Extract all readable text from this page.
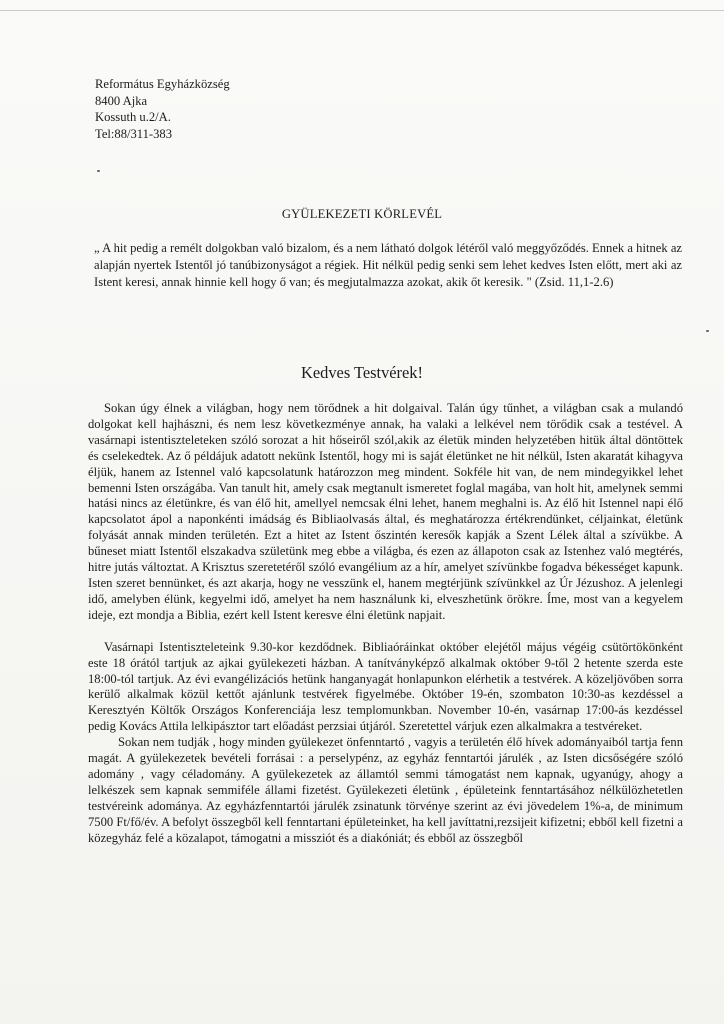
Református Egyházközség
8400 Ajka
Kossuth u.2/A.
Tel:88/311-383
GYÜLEKEZETI KÖRLEVÉL
„ A hit pedig a remélt dolgokban való bizalom, és a nem látható dolgok létéről való meggyőződés. Ennek a hitnek az alapján nyertek Istentől jó tanúbizonyságot a régiek. Hit nélkül pedig senki sem lehet kedves Isten előtt, mert aki az Istent keresi, annak hinnie kell hogy ő van; és megjutalmazza azokat, akik őt keresik. " (Zsid. 11,1-2.6)
Kedves Testvérek!

Sokan úgy élnek a világban, hogy nem törődnek a hit dolgaival. Talán úgy tűnhet, a világban csak a mulandó dolgokat kell hajhászni, és nem lesz következménye annak, ha valaki a lelkével nem törődik csak a testével. A vasárnapi istentiszteleteken szóló sorozat a hit hőseiről szól,akik az életük minden helyzetében hitük által döntöttek és cselekedtek. Az ő példájuk adatott nekünk Istentől, hogy mi is saját életünket ne hit nélkül, Isten akaratát kihagyva éljük, hanem az Istennel való kapcsolatunk határozzon meg mindent. Sokféle hit van, de nem mindegyikkel lehet bemenni Isten országába. Van tanult hit, amely csak megtanult ismeretet foglal magába, van holt hit, amelynek semmi hatási nincs az életünkre, és van élő hit, amellyel nemcsak élni lehet, hanem meghalni is. Az élő hit Istennel napi élő kapcsolatot ápol a naponkénti imádság és Bibliaolvasás által, és meghatározza értékrendünket, céljainkat, életünk folyását annak minden területén. Ezt a hitet az Istent őszintén keresők kapják a Szent Lélek által a szívükbe. A bűneset miatt Istentől elszakadva születünk meg ebbe a világba, és ezen az állapoton csak az Istenhez való megtérés, hitre jutás változtat. A Krisztus szeretetéről szóló evangélium az a hír, amelyet szívünkbe fogadva békességet kapunk. Isten szeret bennünket, és azt akarja, hogy ne vesszünk el, hanem megtérjünk szívünkkel az Úr Jézushoz. A jelenlegi idő, amelyben élünk, kegyelmi idő, amelyet ha nem használunk ki, elveszhetünk örökre. Íme, most van a kegyelem ideje, ezt mondja a Biblia, ezért kell Istent keresve élni életünk napjait.

Vasárnapi Istentiszteleteink 9.30-kor kezdődnek. Bibliaóráinkat október elejétől május végéig csütörtökönként este 18 órától tartjuk az ajkai gyülekezeti házban. A tanítványképző alkalmak október 9-től 2 hetente szerda este 18:00-tól tartjuk. Az évi evangélizációs hetünk hanganyagát honlapunkon elérhetik a testvérek. A közeljövőben sorra kerülő alkalmak közül kettőt ajánlunk testvérek figyelmébe. Október 19-én, szombaton 10:30-as kezdéssel a Keresztyén Költők Országos Konferenciája lesz templomunkban. November 10-én, vasárnap 17:00-ás kezdéssel pedig Kovács Attila lelkipásztor tart előadást perzsiai útjáról. Szeretettel várjuk ezen alkalmakra a testvéreket.

Sokan nem tudják , hogy minden gyülekezet önfenntartó , vagyis a területén élő hívek adományaiból tartja fenn magát. A gyülekezetek bevételi forrásai : a perselypénz, az egyház fenntartói járulék , az Isten dicsőségére szóló adomány , vagy céladomány. A gyülekezetek az államtól semmi támogatást nem kapnak, ugyanúgy, ahogy a lelkészek sem kapnak semmiféle állami fizetést. Gyülekezeti életünk , épületeink fenntartásához nélkülözhetetlen testvéreink adománya. Az egyházfenntartói járulék zsinatunk törvénye szerint az évi jövedelem 1%-a, de minimum 7500 Ft/fő/év. A befolyt összegből kell fenntartani épületeinket, ha kell javíttatni,rezsijeit kifizetni; ebből kell fizetni a közegyház felé a közalapot, támogatni a missziót és a diakóniát; és ebből az összegből
